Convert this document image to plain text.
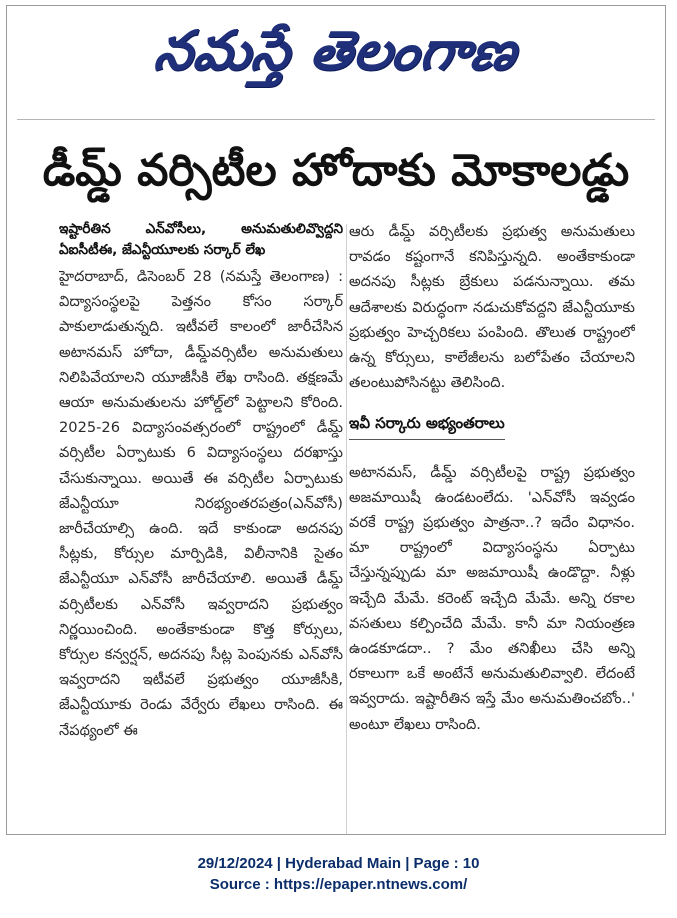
నమస్తే తెలంగాణ
డీమ్డ్ వర్సిటీల హోదాకు మోకాలడ్డు
ఇష్టారీతిన ఎన్‌వోసీలు, అనుమతులివ్వొద్దని ఏఐసీటీఈ, జేఎన్టీయూలకు సర్కార్ లేఖ

హైదరాబాద్, డిసెంబర్ 28 (నమస్తే తెలంగాణ) : విద్యాసంస్థలపై పెత్తనం కోసం సర్కార్ పాకులాడుతున్నది. ఇటీవలే కాలంలో జారీచేసిన అటానమస్ హోదా, డీమ్డ్‌వర్సిటీల అనుమతులు నిలిపివేయాలని యూజీసీకి లేఖ రాసింది. తక్షణమే ఆయా అనుమతులను హోల్డ్‌లో పెట్టాలని కోరింది. 2025-26 విద్యాసంవత్సరంలో రాష్ట్రంలో డీమ్డ్ వర్సిటీల ఏర్పాటుకు 6 విద్యాసంస్థలు దరఖాస్తు చేసుకున్నాయి. అయితే ఈ వర్సిటీల ఏర్పాటుకు జేఎన్టీయూ నిరభ్యంతరపత్రం(ఎన్‌వోసీ) జారీచేయాల్సి ఉంది. ఇదే కాకుండా అదనపు సీట్లకు, కోర్సుల మార్పిడికి, విలీనానికి సైతం జేఎన్టీయూ ఎన్‌వోసీ జారీచేయాలి. అయితే డీమ్డ్ వర్సిటీలకు ఎన్‌వోసీ ఇవ్వరాదని ప్రభుత్వం నిర్ణయించింది. అంతేకాకుండా కొత్త కోర్సులు, కోర్సుల కన్వర్షన్, అదనపు సీట్ల పెంపునకు ఎన్‌వోసీ ఇవ్వరాదని ఇటీవలే ప్రభుత్వం యూజీసీకి, జేఎన్టీయూకు రెండు వేర్వేరు లేఖలు రాసింది. ఈ నేపథ్యంలో ఈ

ఆరు డీమ్డ్ వర్సిటీలకు ప్రభుత్వ అనుమతులు రావడం కష్టంగానే కనిపిస్తున్నది. అంతేకాకుండా అదనపు సీట్లకు బ్రేకులు పడనున్నాయి. తమ ఆదేశాలకు విరుద్ధంగా నడుచుకోవద్దని జేఎన్టీయూకు ప్రభుత్వం హెచ్చరికలు పంపింది. తొలుత రాష్ట్రంలో ఉన్న కోర్సులు, కాలేజీలను బలోపేతం చేయాలని తలంటుపోసినట్టు తెలిసింది.

ఇవీ సర్కారు అభ్యంతరాలు

అటానమస్, డీమ్డ్ వర్సిటీలపై రాష్ట్ర ప్రభుత్వం అజమాయిషీ ఉండటంలేదు. 'ఎన్‌వోసీ ఇవ్వడం వరకే రాష్ట్ర ప్రభుత్వం పాత్రనా..? ఇదేం విధానం. మా రాష్ట్రంలో విద్యాసంస్థను ఏర్పాటు చేస్తున్నప్పుడు మా అజమాయిషీ ఉండొద్దా. నీళ్లు ఇచ్చేది మేమే. కరెంట్ ఇచ్చేది మేమే. అన్ని రకాల వసతులు కల్పించేది మేమే. కానీ మా నియంత్రణ ఉండకూడదా.. ? మేం తనిఖీలు చేసి అన్ని రకాలుగా ఒకే అంటేనే అనుమతులివ్వాలి. లేదంటే ఇవ్వరాదు. ఇష్టారీతిన ఇస్తే మేం అనుమతించబోం..' అంటూ లేఖలు రాసింది.

29/12/2024 | Hyderabad Main | Page : 10
Source : https://epaper.ntnews.com/
